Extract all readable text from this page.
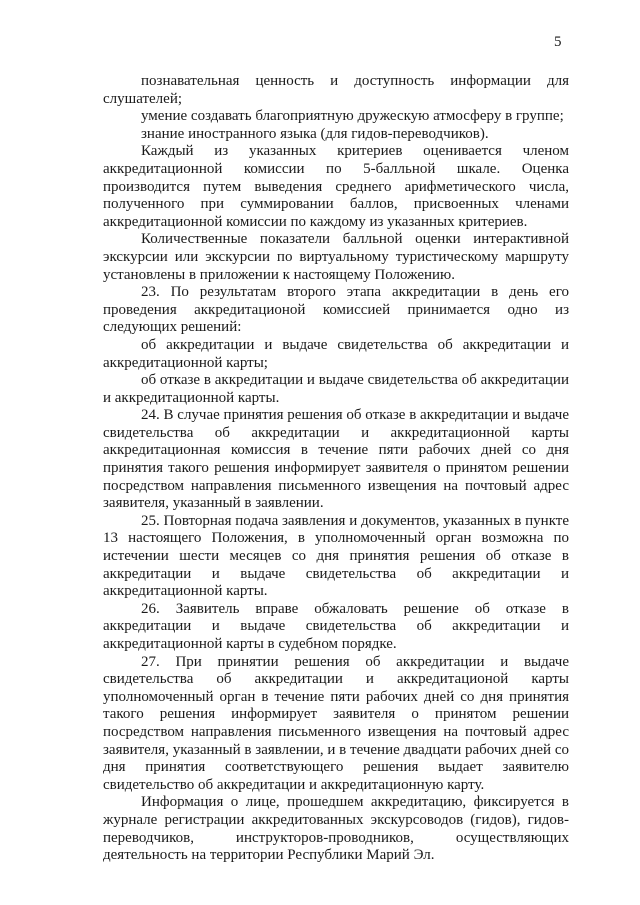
5

познавательная ценность и доступность информации для слушателей;

умение создавать благоприятную дружескую атмосферу в группе;

знание иностранного языка (для гидов-переводчиков).

Каждый из указанных критериев оценивается членом аккредитационной комиссии по 5-балльной шкале. Оценка производится путем выведения среднего арифметического числа, полученного при суммировании баллов, присвоенных членами аккредитационной комиссии по каждому из указанных критериев.

Количественные показатели балльной оценки интерактивной экскурсии или экскурсии по виртуальному туристическому маршруту установлены в приложении к настоящему Положению.

23. По результатам второго этапа аккредитации в день его проведения аккредитационой комиссией принимается одно из следующих решений:

об аккредитации и выдаче свидетельства об аккредитации и аккредитационной карты;

об отказе в аккредитации и выдаче свидетельства об аккредитации и аккредитационной карты.

24. В случае принятия решения об отказе в аккредитации и выдаче свидетельства об аккредитации и аккредитационной карты аккредитационная комиссия в течение пяти рабочих дней со дня принятия такого решения информирует заявителя о принятом решении посредством направления письменного извещения на почтовый адрес заявителя, указанный в заявлении.

25. Повторная подача заявления и документов, указанных в пункте 13 настоящего Положения, в уполномоченный орган возможна по истечении шести месяцев со дня принятия решения об отказе в аккредитации и выдаче свидетельства об аккредитации и аккредитационной карты.

26. Заявитель вправе обжаловать решение об отказе в аккредитации и выдаче свидетельства об аккредитации и аккредитационной карты в судебном порядке.

27. При принятии решения об аккредитации и выдаче свидетельства об аккредитации и аккредитационой карты уполномоченный орган в течение пяти рабочих дней со дня принятия такого решения информирует заявителя о принятом решении посредством направления письменного извещения на почтовый адрес заявителя, указанный в заявлении, и в течение двадцати рабочих дней со дня принятия соответствующего решения выдает заявителю свидетельство об аккредитации и аккредитационную карту.

Информация о лице, прошедшем аккредитацию, фиксируется в журнале регистрации аккредитованных экскурсоводов (гидов), гидов-переводчиков, инструкторов-проводников, осуществляющих деятельность на территории Республики Марий Эл.
